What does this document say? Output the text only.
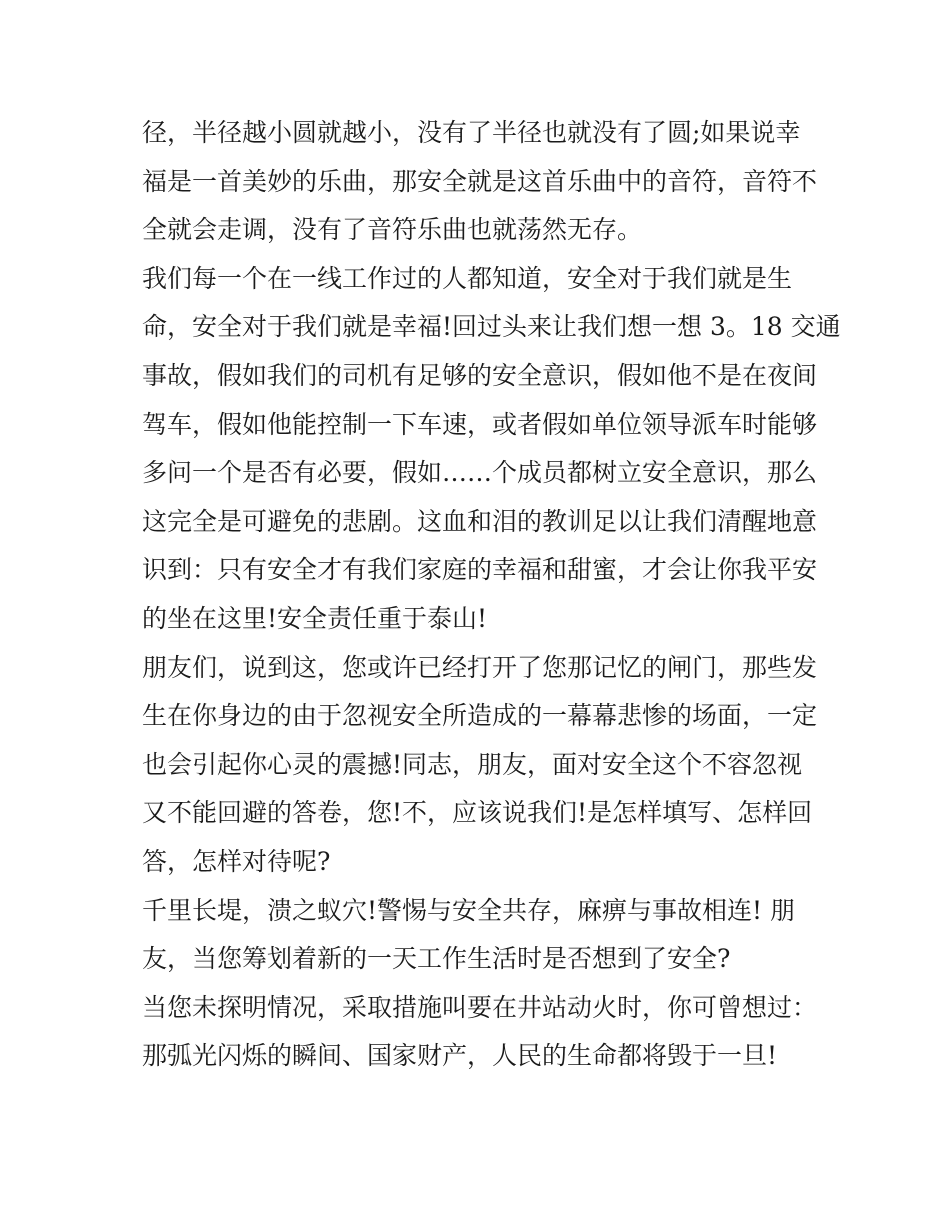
径，半径越小圆就越小，没有了半径也就没有了圆;如果说幸
福是一首美妙的乐曲，那安全就是这首乐曲中的音符，音符不
全就会走调，没有了音符乐曲也就荡然无存。
我们每一个在一线工作过的人都知道，安全对于我们就是生
命，安全对于我们就是幸福!回过头来让我们想一想 3。18 交通
事故，假如我们的司机有足够的安全意识，假如他不是在夜间
驾车，假如他能控制一下车速，或者假如单位领导派车时能够
多问一个是否有必要，假如……个成员都树立安全意识，那么
这完全是可避免的悲剧。这血和泪的教训足以让我们清醒地意
识到：只有安全才有我们家庭的幸福和甜蜜，才会让你我平安
的坐在这里!安全责任重于泰山!
朋友们，说到这，您或许已经打开了您那记忆的闸门，那些发
生在你身边的由于忽视安全所造成的一幕幕悲惨的场面，一定
也会引起你心灵的震撼!同志，朋友，面对安全这个不容忽视
又不能回避的答卷，您!不，应该说我们!是怎样填写、怎样回
答，怎样对待呢?
千里长堤，溃之蚁穴!警惕与安全共存，麻痹与事故相连! 朋
友，当您筹划着新的一天工作生活时是否想到了安全?
当您未探明情况，采取措施叫要在井站动火时，你可曾想过：
那弧光闪烁的瞬间、国家财产，人民的生命都将毁于一旦!
